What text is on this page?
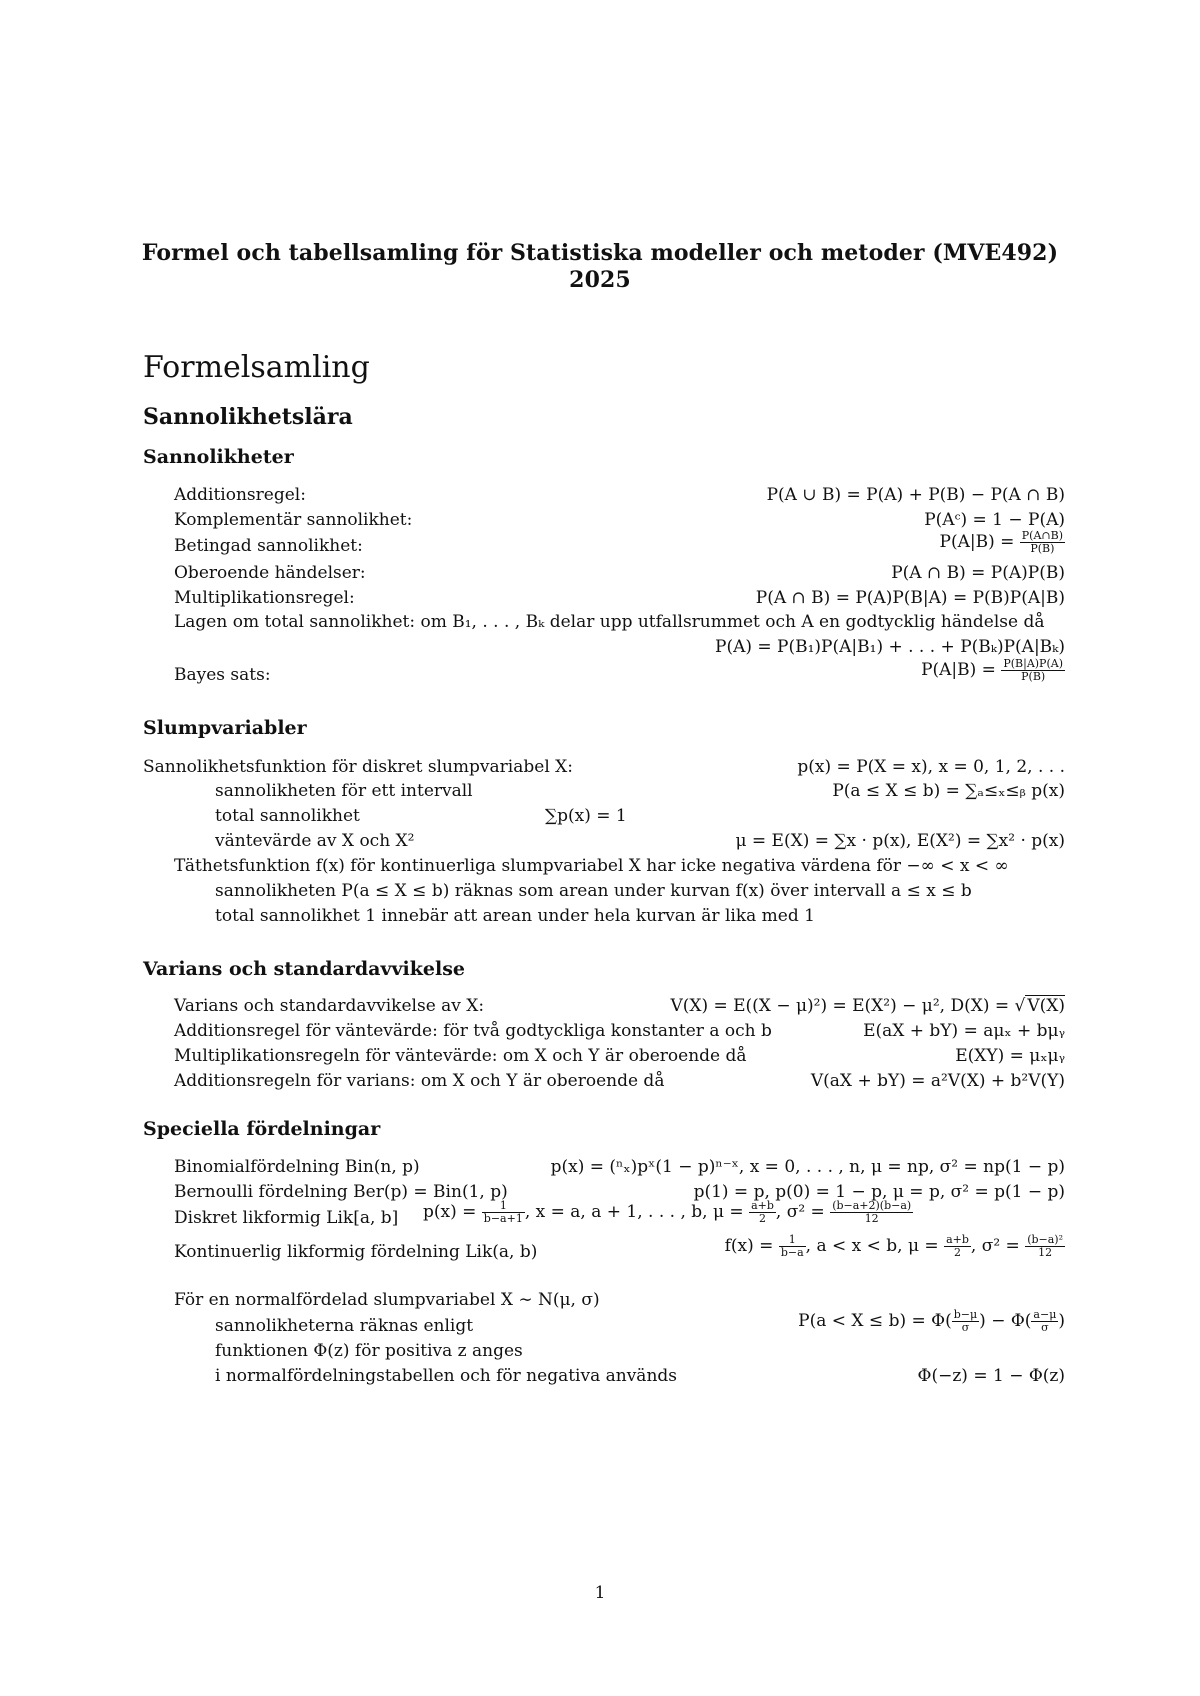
Formel och tabellsamling för Statistiska modeller och metoder (MVE492)
2025
Formelsamling
Sannolikhetslära
Sannolikheter
Additionsregel:	P(A ∪ B) = P(A) + P(B) − P(A ∩ B)
Komplementär sannolikhet:	P(Aᶜ) = 1 − P(A)
Betingad sannolikhet:	$P(A|B) = \frac{P(A\cap B)}{P(B)}$
Oberoende händelser:	P(A ∩ B) = P(A)P(B)
Multiplikationsregel:	P(A ∩ B) = P(A)P(B|A) = P(B)P(A|B)
Lagen om total sannolikhet: om B₁, . . . , Bₖ delar upp utfallsrummet och A en godtycklig händelse då
P(A) = P(B₁)P(A|B₁) + . . . + P(Bₖ)P(A|Bₖ)
Bayes sats:	$P(A|B) = \frac{P(B|A)P(A)}{P(B)}$
Slumpvariabler
Sannolikhetsfunktion för diskret slumpvariabel X:	p(x) = P(X = x), x = 0, 1, 2, . . .
sannolikheten för ett intervall	P(a ≤ X ≤ b) = ∑ₐ≤ₓ≤ᵦ p(x)
total sannolikhet	∑p(x) = 1
väntevärde av X och X²	μ = E(X) = ∑x · p(x), E(X²) = ∑x² · p(x)
Täthetsfunktion f(x) för kontinuerliga slumpvariabel X har icke negativa värdena för −∞ < x < ∞
sannolikheten P(a ≤ X ≤ b) räknas som arean under kurvan f(x) över intervall a ≤ x ≤ b
total sannolikhet 1 innebär att arean under hela kurvan är lika med 1
Varians och standardavvikelse
Varians och standardavvikelse av X:	V(X) = E((X − μ)²) = E(X²) − μ², D(X) = √ V(X)
Additionsregel för väntevärde: för två godtyckliga konstanter a och b	E(aX + bY) = aμₓ + bμᵧ
Multiplikationsregeln för väntevärde: om X och Y är oberoende då	E(XY) = μₓμᵧ
Additionsregeln för varians: om X och Y är oberoende då	V(aX + bY) = a²V(X) + b²V(Y)
Speciella fördelningar
Binomialfördelning Bin(n, p)	p(x) = (ⁿₓ)pˣ(1 − p)ⁿ⁻ˣ, x = 0, . . . , n, μ = np, σ² = np(1 − p)
Bernoulli fördelning Ber(p) = Bin(1, p)	p(1) = p, p(0) = 1 − p, μ = p, σ² = p(1 − p)
Diskret likformig Lik[a, b] $p(x) = \frac{1}{b-a+1}$ , x = a, a + 1, . . . , b, $\mu = \frac{a+b}{2}$ , $\sigma^2 = \frac{(b-a+2)(b-a)}{12}$
Kontinuerlig likformig fördelning Lik(a, b)	$f(x) = \frac{1}{b-a}$ , a < x < b, $\mu = \frac{a+b}{2}$ , $\sigma^2 = \frac{\text{(b−a)²}}{12}$
För en normalfördelad slumpvariabel X ∼ N(μ, σ)
sannolikheterna räknas enligt	$P(a < X \le b) = \Phi( \frac{b-\mu}{\sigma}$ ) − $\Phi( \frac{a-\mu}{\sigma}$ )
funktionen Φ(z) för positiva z anges
i normalfördelningstabellen och för negativa används	Φ(−z) = 1 − Φ(z)
1
